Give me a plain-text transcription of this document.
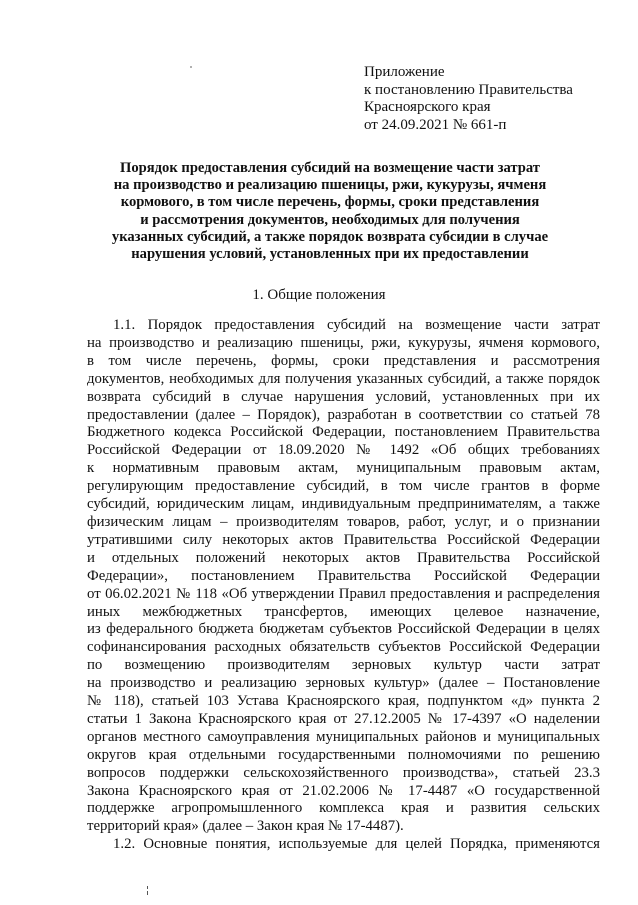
Приложение
к постановлению Правительства
Красноярского края
от 24.09.2021 № 661-п
Порядок предоставления субсидий на возмещение части затрат
на производство и реализацию пшеницы, ржи, кукурузы, ячменя
кормового, в том числе перечень, формы, сроки представления
и рассмотрения документов, необходимых для получения
указанных субсидий, а также порядок возврата субсидии в случае
нарушения условий, установленных при их предоставлении
1. Общие положения
1.1. Порядок предоставления субсидий на возмещение части затрат
на производство и реализацию пшеницы, ржи, кукурузы, ячменя кормового,
в том числе перечень, формы, сроки представления и рассмотрения
документов, необходимых для получения указанных субсидий, а также порядок
возврата субсидий в случае нарушения условий, установленных при их
предоставлении (далее – Порядок), разработан в соответствии со статьей 78
Бюджетного кодекса Российской Федерации, постановлением Правительства
Российской Федерации от 18.09.2020 № 1492 «Об общих требованиях
к нормативным правовым актам, муниципальным правовым актам,
регулирующим предоставление субсидий, в том числе грантов в форме
субсидий, юридическим лицам, индивидуальным предпринимателям, а также
физическим лицам – производителям товаров, работ, услуг, и о признании
утратившими силу некоторых актов Правительства Российской Федерации
и отдельных положений некоторых актов Правительства Российской
Федерации», постановлением Правительства Российской Федерации
от 06.02.2021 № 118 «Об утверждении Правил предоставления и распределения
иных межбюджетных трансфертов, имеющих целевое назначение,
из федерального бюджета бюджетам субъектов Российской Федерации в целях
софинансирования расходных обязательств субъектов Российской Федерации
по возмещению производителям зерновых культур части затрат
на производство и реализацию зерновых культур» (далее – Постановление
№ 118), статьей 103 Устава Красноярского края, подпунктом «д» пункта 2
статьи 1 Закона Красноярского края от 27.12.2005 № 17-4397 «О наделении
органов местного самоуправления муниципальных районов и муниципальных
округов края отдельными государственными полномочиями по решению
вопросов поддержки сельскохозяйственного производства», статьей 23.3
Закона Красноярского края от 21.02.2006 № 17-4487 «О государственной
поддержке агропромышленного комплекса края и развития сельских
территорий края» (далее – Закон края № 17-4487).
1.2. Основные понятия, используемые для целей Порядка, применяются
